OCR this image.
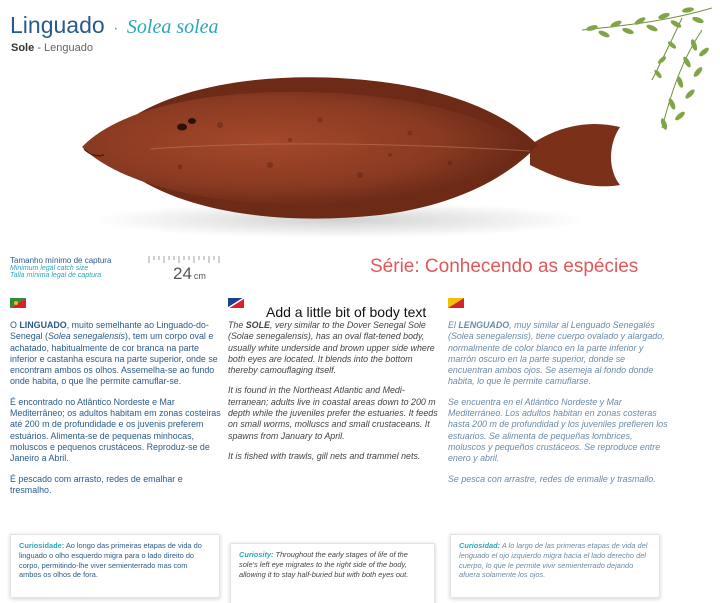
Linguado · Solea solea
Sole - Lenguado
Tamanho mínimo de captura
Minimum legal catch size
Talla mínima legal de captura	24 cm	Série: Conhecendo as espécies
Add a little bit of body text

O LINGUADO, muito semelhante ao Linguado-do-Senegal (Solea senegalensis), tem um corpo oval e achatado, habitualmente de cor branca na parte inferior e castanha escura na parte superior, onde se encontram ambos os olhos. Assemelha-se ao fundo onde habita, o que lhe permite camuflar-se.

É encontrado no Atlântico Nordeste e Mar Mediterrâneo; os adultos habitam em zonas costeiras até 200 m de profundidade e os juvenis preferem estuários. Alimenta-se de pequenas minhocas, moluscos e pequenos crustáceos. Reproduz-se de Janeiro a Abril.

É pescado com arrasto, redes de emalhar e tresmalho.

The SOLE, very similar to the Dover Senegal Sole (Solae senegalensis), has an oval flat-tened body, usually white underside and brown upper side where both eyes are located. It blends into the bottom thereby camouflaging itself.

It is found in the Northeast Atlantic and Medi-terranean; adults live in coastal areas down to 200 m depth while the juveniles prefer the estuaries. It feeds on small worms, molluscs and small crustaceans. It spawns from January to April.

It is fished with trawls, gill nets and trammel nets.

El LENGUADO, muy similar al Lenguado Senegalés (Solea senegalensis), tiene cuerpo ovalado y alargado, normalmente de color blanco en la parte inferior y marrón oscuro en la parte superior, donde se encuentran ambos ojos. Se asemeja al fondo donde habita, lo que le permite camuflarse.

Se encuentra en el Atlántico Nordeste y Mar Mediterráneo. Los adultos habitan en zonas costeras hasta 200 m de profundidad y los juveniles prefieren los estuarios. Se alimenta de pequeñas lombrices, moluscos y pequeños crustáceos. Se reproduce entre enero y abril.

Se pesca con arrastre, redes de enmalle y trasmallo.

Curiosidade: Ao longo das primeiras etapas de vida do linguado o olho esquerdo migra para o lado direito do corpo, permitindo-lhe viver semienterrado mas com ambos os olhos de fora.
Curiosity: Throughout the early stages of life of the sole's left eye migrates to the right side of the body, allowing it to stay half-buried but with both eyes out.
Curiosidad: A lo largo de las primeras etapas de vida del lenguado el ojo izquierdo migra hacia el lado derecho del cuerpo, lo que le permite vivir semienterrado dejando afuera solamente los ojos.
